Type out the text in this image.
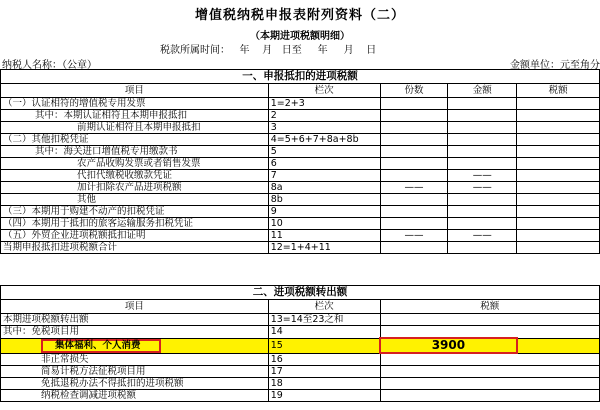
增值税纳税申报表附列资料（二）
（本期进项税额明细）
税款所属时间：   年    月   日至     年     月    日
纳税人名称：（公章）	金额单位：元至角分
一、申报抵扣的进项税额				
项目	栏次	份数	金额	税额
（一）认证相符的增值税专用发票	1=2+3			
其中：本期认证相符且本期申报抵扣	2			
前期认证相符且本期申报抵扣	3			
（二）其他扣税凭证	4=5+6+7+8a+8b			
其中：海关进口增值税专用缴款书	5			
农产品收购发票或者销售发票	6			
代扣代缴税收缴款凭证	7		——	
加计扣除农产品进项税额	8a	——	——	
其他	8b			
（三）本期用于购建不动产的扣税凭证	9			
（四）本期用于抵扣的旅客运输服务扣税凭证	10			
（五）外贸企业进项税额抵扣证明	11	——	——	
当期申报抵扣进项税额合计	12=1+4+11			
二、进项税额转出额			
项目	栏次	税额	
本期进项税额转出额	13=14至23之和		
其中：免税项目用	14		
集体福利、个人消费	15	3900	
非正常损失	16		
简易计税方法征税项目用	17		
免抵退税办法不得抵扣的进项税额	18		
纳税检查调减进项税额	19		
